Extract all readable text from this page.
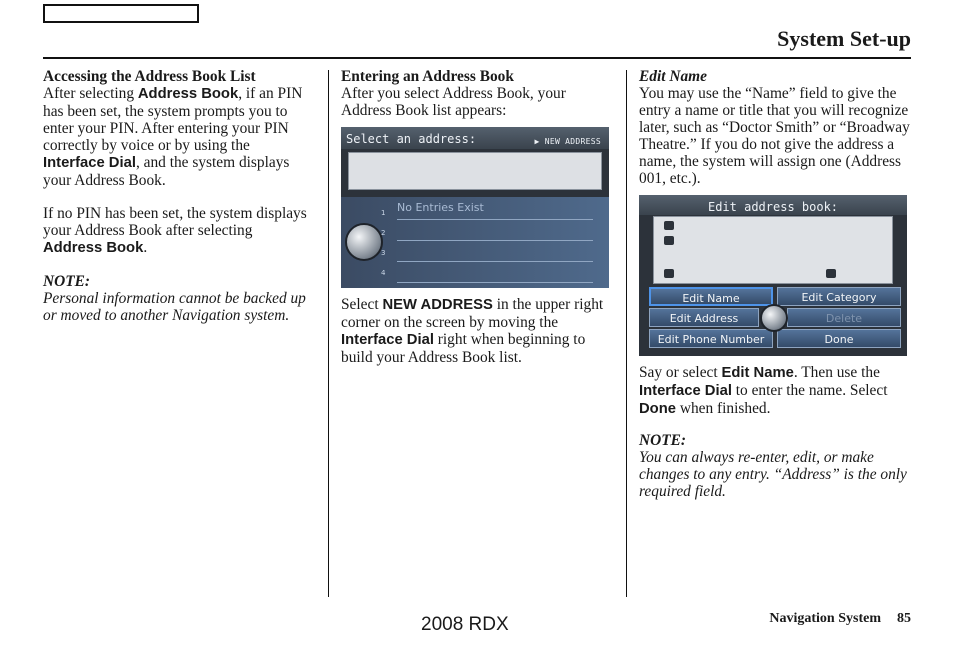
System Set-up

Accessing the Address Book List

After selecting Address Book, if an PIN has been set, the system prompts you to enter your PIN. After entering your PIN correctly by voice or by using the Interface Dial, and the system displays your Address Book.

If no PIN has been set, the system displays your Address Book after selecting Address Book.

NOTE:

Personal information cannot be backed up or moved to another Navigation system.

Entering an Address Book

After you select Address Book, your Address Book list appears:

Select an address:	▶ NEW ADDRESS
1
2
3
4
No Entries Exist

Select NEW ADDRESS in the upper right corner on the screen by moving the Interface Dial right when beginning to build your Address Book list.

Edit Name

You may use the “Name” field to give the entry a name or title that you will recognize later, such as “Doctor Smith” or “Broadway Theatre.” If you do not give the address a name, the system will assign one (Address 001, etc.).

Edit address book:
Edit Name	Edit Category
Edit Address	Delete
Edit Phone Number	Done

Say or select Edit Name. Then use the Interface Dial to enter the name. Select Done when finished.

NOTE:

You can always re-enter, edit, or make changes to any entry. “Address” is the only required field.

2008 RDX	Navigation System 85
